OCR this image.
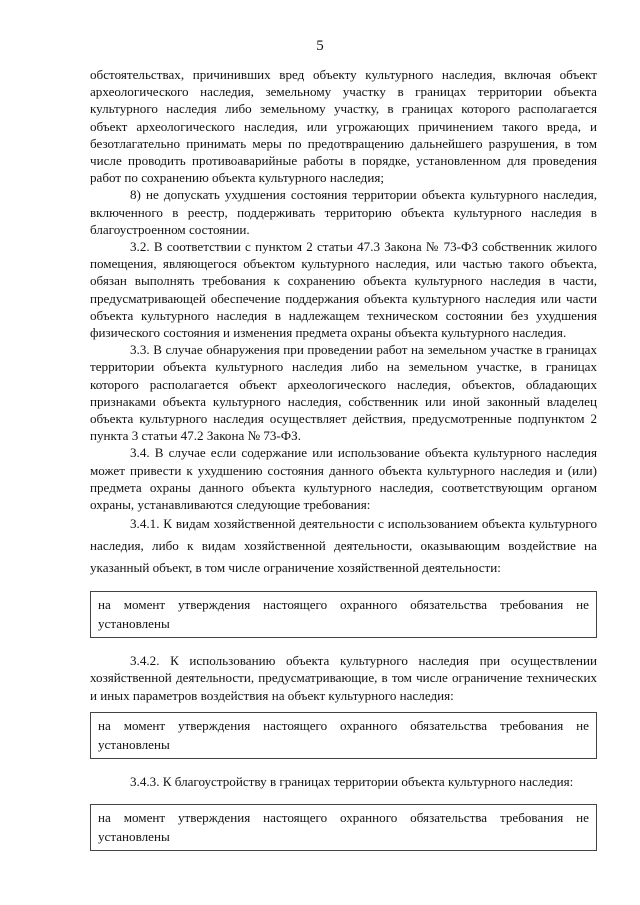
5

обстоятельствах, причинивших вред объекту культурного наследия, включая объект археологического наследия, земельному участку в границах территории объекта культурного наследия либо земельному участку, в границах которого располагается объект археологического наследия, или угрожающих причинением такого вреда, и безотлагательно принимать меры по предотвращению дальнейшего разрушения, в том числе проводить противоаварийные работы в порядке, установленном для проведения работ по сохранению объекта культурного наследия;

8) не допускать ухудшения состояния территории объекта культурного наследия, включенного в реестр, поддерживать территорию объекта культурного наследия в благоустроенном состоянии.

3.2. В соответствии с пунктом 2 статьи 47.3 Закона № 73-ФЗ собственник жилого помещения, являющегося объектом культурного наследия, или частью такого объекта, обязан выполнять требования к сохранению объекта культурного наследия в части, предусматривающей обеспечение поддержания объекта культурного наследия или части объекта культурного наследия в надлежащем техническом состоянии без ухудшения физического состояния и изменения предмета охраны объекта культурного наследия.

3.3. В случае обнаружения при проведении работ на земельном участке в границах территории объекта культурного наследия либо на земельном участке, в границах которого располагается объект археологического наследия, объектов, обладающих признаками объекта культурного наследия, собственник или иной законный владелец объекта культурного наследия осуществляет действия, предусмотренные подпунктом 2 пункта 3 статьи 47.2 Закона № 73-ФЗ.

3.4. В случае если содержание или использование объекта культурного наследия может привести к ухудшению состояния данного объекта культурного наследия и (или) предмета охраны данного объекта культурного наследия, соответствующим органом охраны, устанавливаются следующие требования:

3.4.1. К видам хозяйственной деятельности с использованием объекта культурного наследия, либо к видам хозяйственной деятельности, оказывающим воздействие на указанный объект, в том числе ограничение хозяйственной деятельности:

на момент утверждения настоящего охранного обязательства требования не установлены

3.4.2. К использованию объекта культурного наследия при осуществлении хозяйственной деятельности, предусматривающие, в том числе ограничение технических и иных параметров воздействия на объект культурного наследия:

на момент утверждения настоящего охранного обязательства требования не установлены

3.4.3. К благоустройству в границах территории объекта культурного наследия:

на момент утверждения настоящего охранного обязательства требования не установлены
